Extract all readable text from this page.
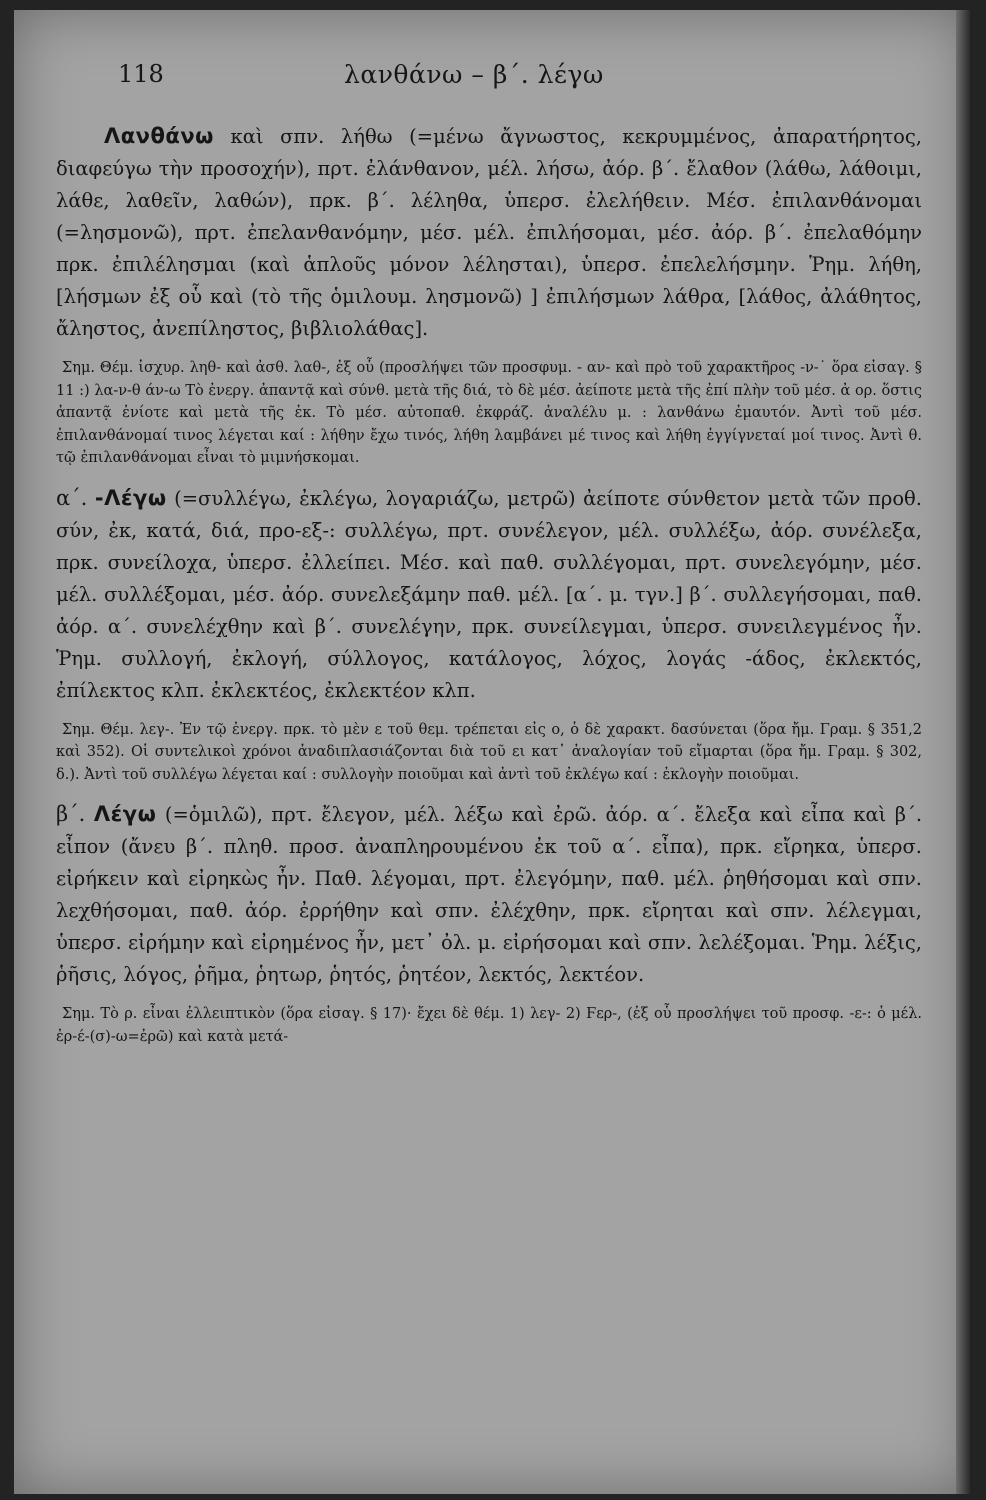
118	λανθάνω – β΄. λέγω

Λανθάνω καὶ σπν. λήθω (=μένω ἄγνωστος, κεκρυμμένος, ἀπαρατήρητος, διαφεύγω τὴν προσοχήν), πρτ. ἐλάνθανον, μέλ. λήσω, ἀόρ. β΄. ἔλαθον (λάθω, λάθοιμι, λάθε, λαθεῖν, λαθών), πρκ. β΄. λέληθα, ὑπερσ. ἐλελήθειν. Μέσ. ἐπιλανθάνομαι (=λησμονῶ), πρτ. ἐπελανθανόμην, μέσ. μέλ. ἐπιλήσομαι, μέσ. ἀόρ. β΄. ἐπελαθόμην πρκ. ἐπιλέλησμαι (καὶ ἁπλοῦς μόνον λέλησται), ὑπερσ. ἐπελελήσμην. Ῥημ. λήθη, [λήσμων ἐξ οὗ καὶ (τὸ τῆς ὁμιλουμ. λησμονῶ) ] ἐπιλήσμων λάθρα, [λάθος, ἀλάθητος, ἄληστος, ἀνεπίληστος, βιβλιολάθας].

Σημ. Θέμ. ἰσχυρ. ληθ- καὶ ἀσθ. λαθ-, ἐξ οὗ (προσλήψει τῶν προσφυμ. - αν- καὶ πρὸ τοῦ χαρακτῆρος -ν-˙ ὅρα εἰσαγ. § 11 :) λα-ν-θ άν-ω Τὸ ἐνεργ. ἀπαντᾷ καὶ σύνθ. μετὰ τῆς διά, τὸ δὲ μέσ. ἀείποτε μετὰ τῆς ἐπί πλὴν τοῦ μέσ. ἀ ορ. ὅστις ἀπαντᾷ ἐνίοτε καὶ μετὰ τῆς ἐκ. Τὸ μέσ. αὐτοπαθ. ἐκφράζ. ἀναλέλυ μ. : λανθάνω ἐμαυτόν. Ἀντὶ τοῦ μέσ. ἐπιλανθάνομαί τινος λέγεται καί : λήθην ἔχω τινός, λήθη λαμβάνει μέ τινος καὶ λήθη ἐγγίγνεταί μοί τινος. Ἀντὶ θ. τῷ ἐπιλανθάνομαι εἶναι τὸ μιμνήσκομαι.

α΄. -Λέγω (=συλλέγω, ἐκλέγω, λογαριάζω, μετρῶ) ἀείποτε σύνθετον μετὰ τῶν προθ. σύν, ἐκ, κατά, διά, προ-εξ-: συλλέγω, πρτ. συνέλεγον, μέλ. συλλέξω, ἀόρ. συνέλεξα, πρκ. συνείλοχα, ὑπερσ. ἐλλείπει. Μέσ. καὶ παθ. συλλέγομαι, πρτ. συνελεγόμην, μέσ. μέλ. συλλέξομαι, μέσ. ἀόρ. συνελεξάμην παθ. μέλ. [α΄. μ. τγν.] β΄. συλλεγήσομαι, παθ. ἀόρ. α΄. συνελέχθην καὶ β΄. συνελέγην, πρκ. συνείλεγμαι, ὑπερσ. συνειλεγμένος ἦν. Ῥημ. συλλογή, ἐκλογή, σύλλογος, κατάλογος, λόχος, λογάς -άδος, ἐκλεκτός, ἐπίλεκτος κλπ. ἐκλεκτέος, ἐκλεκτέον κλπ.

Σημ. Θέμ. λεγ-. Ἐν τῷ ἐνεργ. πρκ. τὸ μὲν ε τοῦ θεμ. τρέπεται εἰς ο, ὁ δὲ χαρακτ. δασύνεται (ὅρα ἤμ. Γραμ. § 351,2 καὶ 352). Οἱ συντελικοὶ χρόνοι ἀναδιπλασιάζονται διὰ τοῦ ει κατ᾿ ἀναλογίαν τοῦ εἴμαρται (ὅρα ἤμ. Γραμ. § 302, δ.). Ἀντὶ τοῦ συλλέγω λέγεται καί : συλλογὴν ποιοῦμαι καὶ ἀντὶ τοῦ ἐκλέγω καί : ἐκλογὴν ποιοῦμαι.

β΄. Λέγω (=ὁμιλῶ), πρτ. ἔλεγον, μέλ. λέξω καὶ ἐρῶ. ἀόρ. α΄. ἔλεξα καὶ εἶπα καὶ β΄. εἶπον (ἄνευ β΄. πληθ. προσ. ἀναπληρουμένου ἐκ τοῦ α΄. εἶπα), πρκ. εἴρηκα, ὑπερσ. εἰρήκειν καὶ εἰρηκὼς ἦν. Παθ. λέγομαι, πρτ. ἐλεγόμην, παθ. μέλ. ῥηθήσομαι καὶ σπν. λεχθήσομαι, παθ. ἀόρ. ἐρρήθην καὶ σπν. ἐλέχθην, πρκ. εἴρηται καὶ σπν. λέλεγμαι, ὑπερσ. εἰρήμην καὶ εἰρημένος ἦν, μετ᾿ ὀλ. μ. εἰρήσομαι καὶ σπν. λελέξομαι. Ῥημ. λέξις, ῥῆσις, λόγος, ῥῆμα, ῥητωρ, ῥητός, ῥητέον, λεκτός, λεκτέον.

Σημ. Τὸ ρ. εἶναι ἐλλειπτικὸν (ὅρα εἰσαγ. § 17)· ἔχει δὲ θέμ. 1) λεγ- 2) Ϝερ-, (ἐξ οὗ προσλήψει τοῦ προσφ. -ε-: ὁ μέλ. ἐρ-έ-(σ)-ω=ἐρῶ) καὶ κατὰ μετά-
